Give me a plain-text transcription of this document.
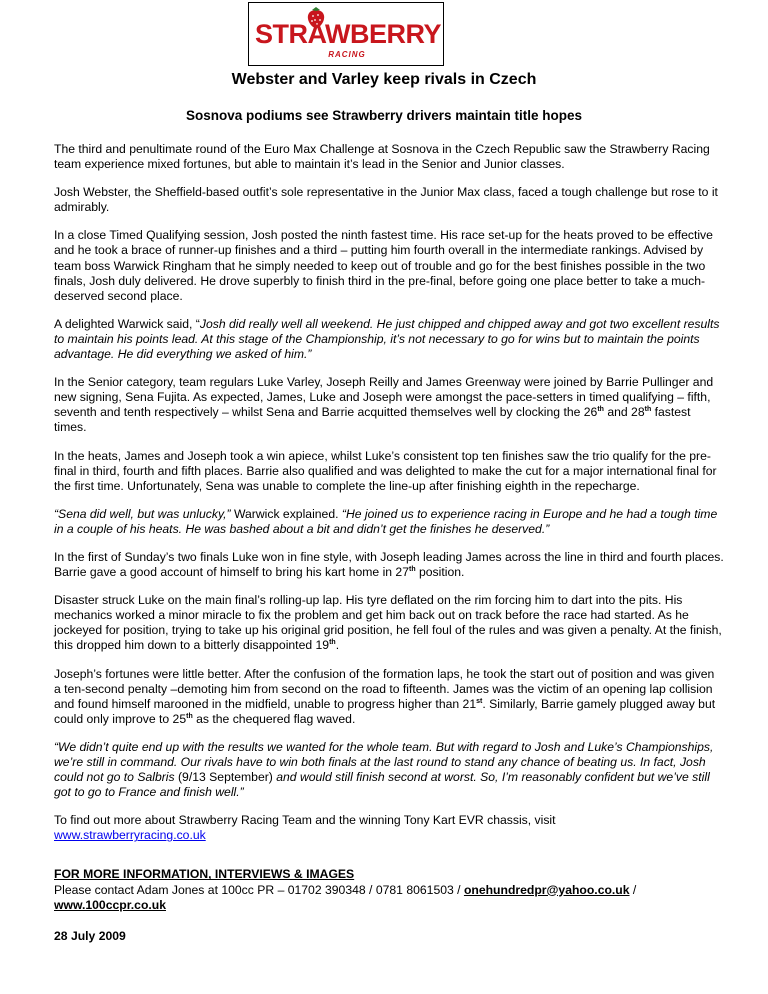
STRAWBERRY
RACING
Webster and Varley keep rivals in Czech
Sosnova podiums see Strawberry drivers maintain title hopes

The third and penultimate round of the Euro Max Challenge at Sosnova in the Czech Republic saw the Strawberry Racing team experience mixed fortunes, but able to maintain it’s lead in the Senior and Junior classes.

Josh Webster, the Sheffield-based outfit’s sole representative in the Junior Max class, faced a tough challenge but rose to it admirably.

In a close Timed Qualifying session, Josh posted the ninth fastest time. His race set-up for the heats proved to be effective and he took a brace of runner-up finishes and a third – putting him fourth overall in the intermediate rankings. Advised by team boss Warwick Ringham that he simply needed to keep out of trouble and go for the best finishes possible in the two finals, Josh duly delivered. He drove superbly to finish third in the pre-final, before going one place better to take a much-deserved second place.

A delighted Warwick said, “Josh did really well all weekend. He just chipped and chipped away and got two excellent results to maintain his points lead. At this stage of the Championship, it’s not necessary to go for wins but to maintain the points advantage. He did everything we asked of him.”

In the Senior category, team regulars Luke Varley, Joseph Reilly and James Greenway were joined by Barrie Pullinger and new signing, Sena Fujita. As expected, James, Luke and Joseph were amongst the pace-setters in timed qualifying – fifth, seventh and tenth respectively – whilst Sena and Barrie acquitted themselves well by clocking the 26th and 28th fastest times.

In the heats, James and Joseph took a win apiece, whilst Luke’s consistent top ten finishes saw the trio qualify for the pre-final in third, fourth and fifth places. Barrie also qualified and was delighted to make the cut for a major international final for the first time. Unfortunately, Sena was unable to complete the line-up after finishing eighth in the repecharge.

“Sena did well, but was unlucky,” Warwick explained. “He joined us to experience racing in Europe and he had a tough time in a couple of his heats. He was bashed about a bit and didn’t get the finishes he deserved.”

In the first of Sunday’s two finals Luke won in fine style, with Joseph leading James across the line in third and fourth places. Barrie gave a good account of himself to bring his kart home in 27th position.

Disaster struck Luke on the main final’s rolling-up lap. His tyre deflated on the rim forcing him to dart into the pits. His mechanics worked a minor miracle to fix the problem and get him back out on track before the race had started. As he jockeyed for position, trying to take up his original grid position, he fell foul of the rules and was given a penalty. At the finish, this dropped him down to a bitterly disappointed 19th.

Joseph’s fortunes were little better. After the confusion of the formation laps, he took the start out of position and was given a ten-second penalty –demoting him from second on the road to fifteenth. James was the victim of an opening lap collision and found himself marooned in the midfield, unable to progress higher than 21st. Similarly, Barrie gamely plugged away but could only improve to 25th as the chequered flag waved.

“We didn’t quite end up with the results we wanted for the whole team. But with regard to Josh and Luke’s Championships, we’re still in command. Our rivals have to win both finals at the last round to stand any chance of beating us. In fact, Josh could not go to Salbris (9/13 September) and would still finish second at worst. So, I’m reasonably confident but we’ve still got to go to France and finish well.”

To find out more about Strawberry Racing Team and the winning Tony Kart EVR chassis, visit
www.strawberryracing.co.uk

FOR MORE INFORMATION, INTERVIEWS & IMAGES
Please contact Adam Jones at 100cc PR – 01702 390348 / 0781 8061503 / onehundredpr@yahoo.co.uk /
www.100ccpr.co.uk

28 July 2009
